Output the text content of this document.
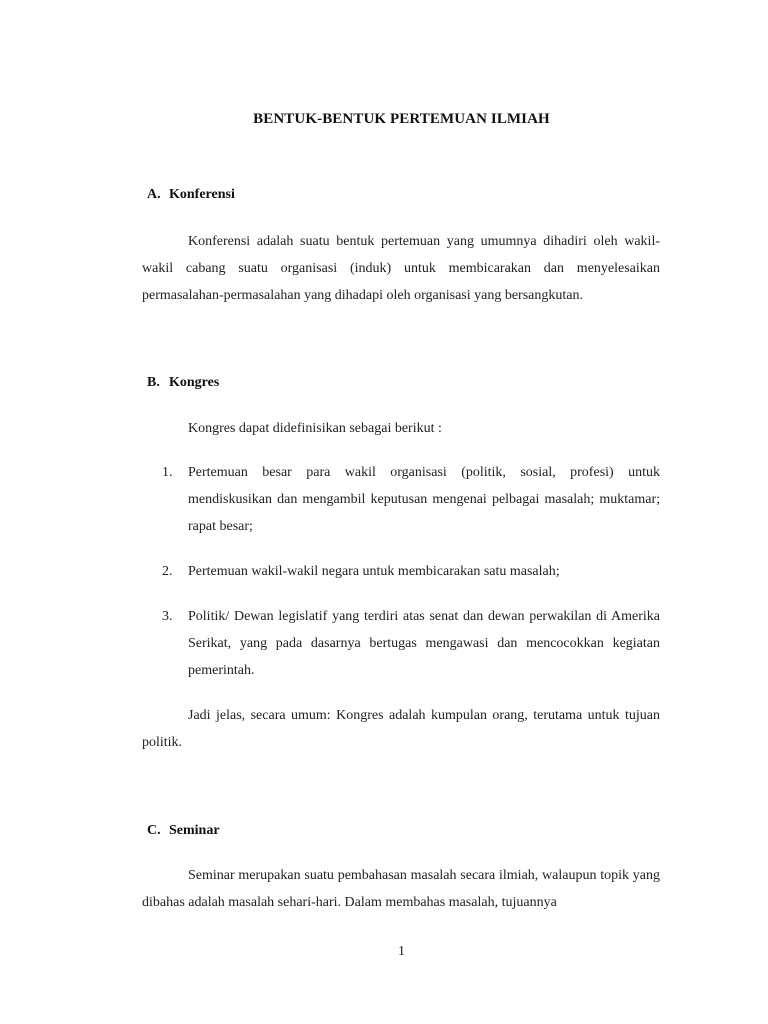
BENTUK-BENTUK PERTEMUAN ILMIAH
A. Konferensi

Konferensi adalah suatu bentuk pertemuan yang umumnya dihadiri oleh wakil-wakil cabang suatu organisasi (induk) untuk membicarakan dan menyelesaikan permasalahan-permasalahan yang dihadapi oleh organisasi yang bersangkutan.

B. Kongres
Kongres dapat didefinisikan sebagai berikut :
1.	Pertemuan besar para wakil organisasi (politik, sosial, profesi) untuk mendiskusikan dan mengambil keputusan mengenai pelbagai masalah; muktamar; rapat besar;
2.	Pertemuan wakil-wakil negara untuk membicarakan satu masalah;
3.	Politik/ Dewan legislatif yang terdiri atas senat dan dewan perwakilan di Amerika Serikat, yang pada dasarnya bertugas mengawasi dan mencocokkan kegiatan pemerintah.

Jadi jelas, secara umum: Kongres adalah kumpulan orang, terutama untuk tujuan politik.

C. Seminar

Seminar merupakan suatu pembahasan masalah secara ilmiah, walaupun topik yang dibahas adalah masalah sehari-hari. Dalam membahas masalah, tujuannya

1
